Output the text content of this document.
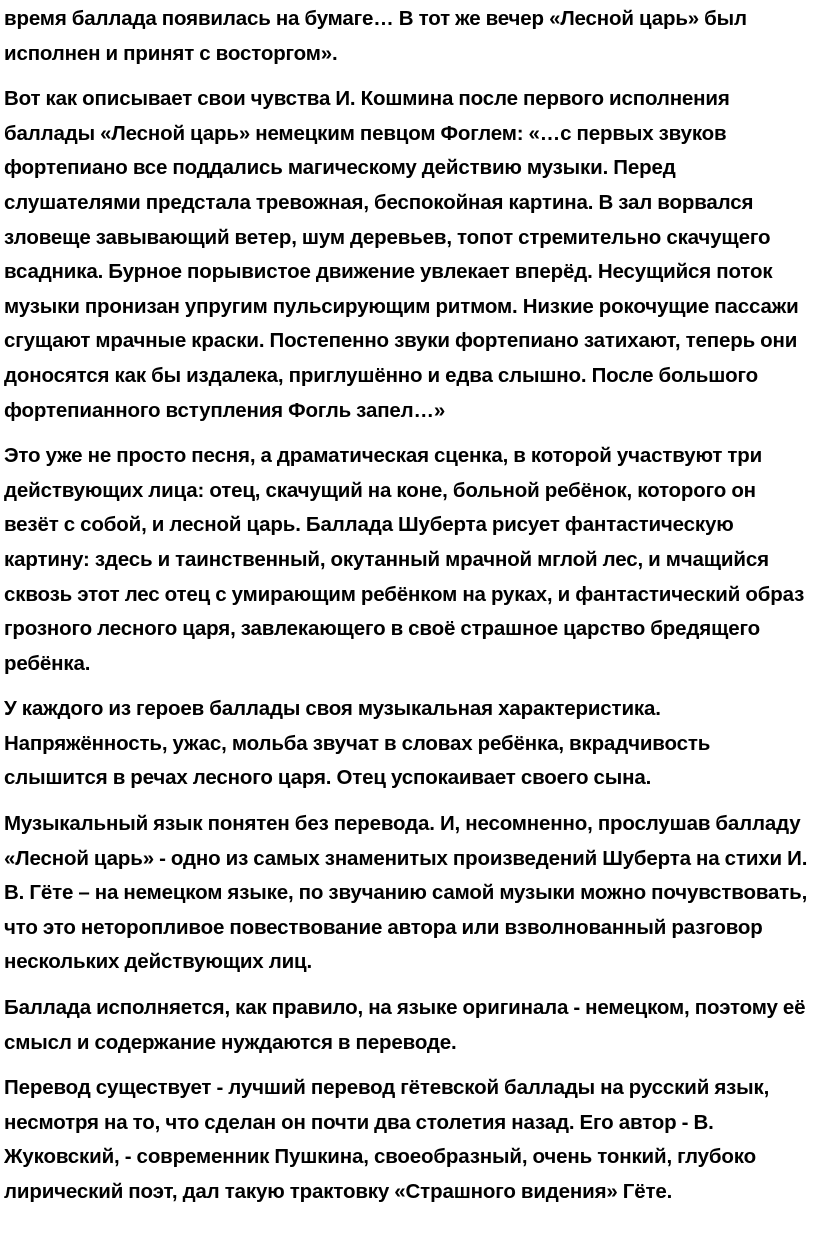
время баллада появилась на бумаге… В тот же вечер «Лесной царь» был исполнен и принят с восторгом».

Вот как описывает свои чувства И. Кошмина после первого исполнения баллады «Лесной царь» немецким певцом Фоглем: «…с первых звуков фортепиано все поддались магическому действию музыки. Перед слушателями предстала тревожная, беспокойная картина. В зал ворвался зловеще завывающий ветер, шум деревьев, топот стремительно скачущего всадника. Бурное порывистое движение увлекает вперёд. Несущийся поток музыки пронизан упругим пульсирующим ритмом. Низкие рокочущие пассажи сгущают мрачные краски. Постепенно звуки фортепиано затихают, теперь они доносятся как бы издалека, приглушённо и едва слышно. После большого фортепианного вступления Фогль запел…»

Это уже не просто песня, а драматическая сценка, в которой участвуют три действующих лица: отец, скачущий на коне, больной ребёнок, которого он везёт с собой, и лесной царь. Баллада Шуберта рисует фантастическую картину: здесь и таинственный, окутанный мрачной мглой лес, и мчащийся сквозь этот лес отец с умирающим ребёнком на руках, и фантастический образ грозного лесного царя, завлекающего в своё страшное царство бредящего ребёнка.

У каждого из героев баллады своя музыкальная характеристика. Напряжённость, ужас, мольба звучат в словах ребёнка, вкрадчивость слышится в речах лесного царя. Отец успокаивает своего сына.

Музыкальный язык понятен без перевода. И, несомненно, прослушав балладу «Лесной царь» - одно из самых знаменитых произведений Шуберта на стихи И. В. Гёте – на немецком языке, по звучанию самой музыки можно почувствовать, что это неторопливое повествование автора или взволнованный разговор нескольких действующих лиц.

Баллада исполняется, как правило, на языке оригинала - немецком, поэтому её смысл и содержание нуждаются в переводе.

Перевод существует - лучший перевод гётевской баллады на русский язык, несмотря на то, что сделан он почти два столетия назад. Его автор - В. Жуковский, - современник Пушкина, своеобразный, очень тонкий, глубоко лирический поэт, дал такую трактовку «Страшного видения» Гёте.
